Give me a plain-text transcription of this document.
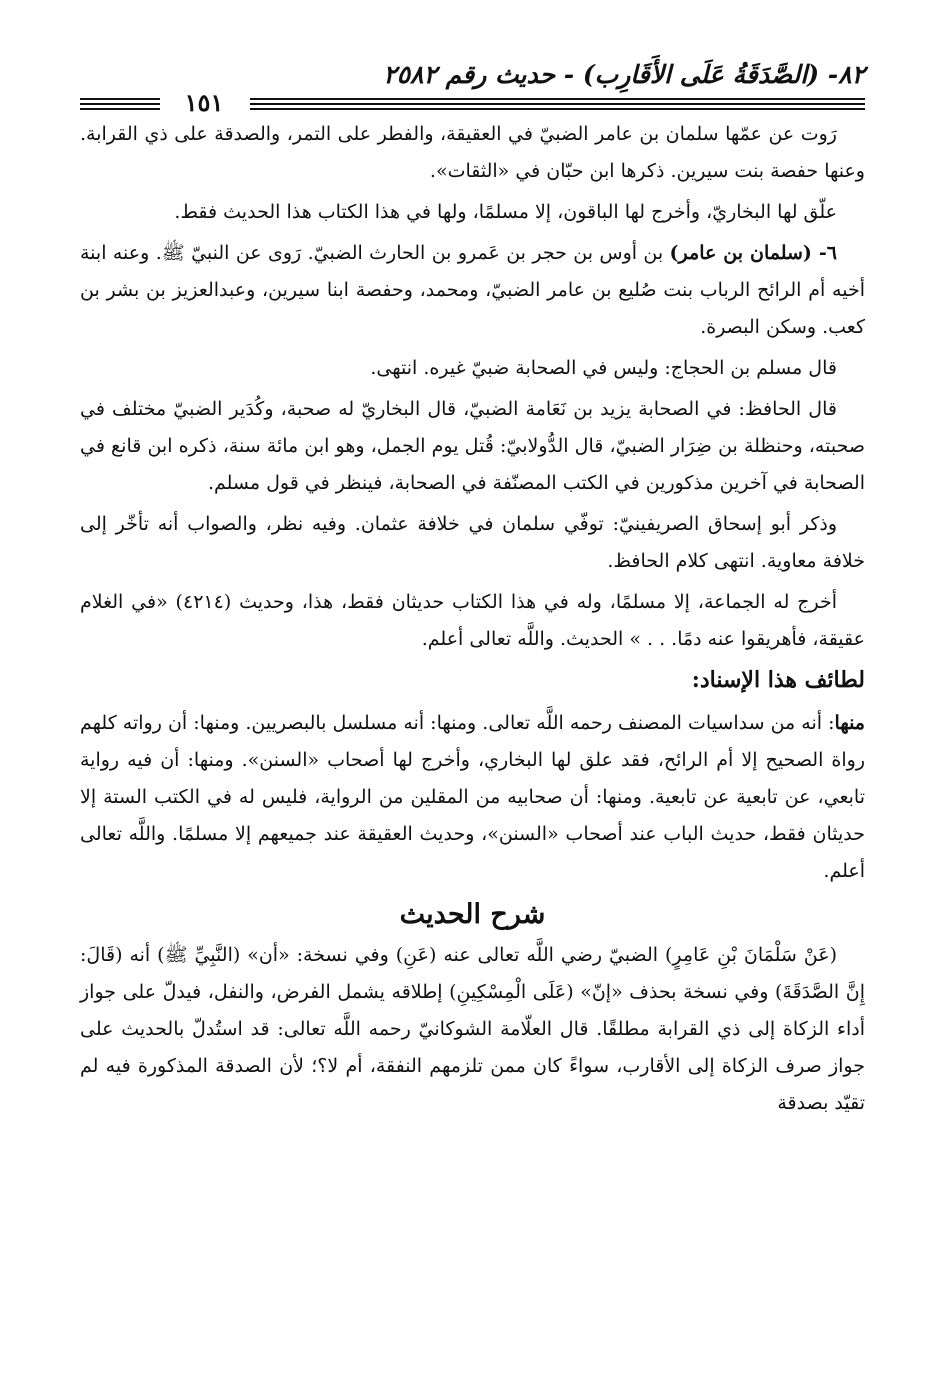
٨٢- (الصَّدَقَةُ عَلَى الأَقَارِب) - حديث رقم ٢٥٨٢
١٥١

رَوت عن عمّها سلمان بن عامر الضبيّ في العقيقة، والفطر على التمر، والصدقة على ذي القرابة. وعنها حفصة بنت سيرين. ذكرها ابن حبّان في «الثقات».

علّق لها البخاريّ، وأخرج لها الباقون، إلا مسلمًا، ولها في هذا الكتاب هذا الحديث فقط.

٦- (سلمان بن عامر) بن أوس بن حجر بن عَمرو بن الحارث الضبيّ. رَوى عن النبيّ ﷺ. وعنه ابنة أخيه أم الرائح الرباب بنت صُليع بن عامر الضبيّ، ومحمد، وحفصة ابنا سيرين، وعبدالعزيز بن بشر بن كعب. وسكن البصرة.

قال مسلم بن الحجاج: وليس في الصحابة ضبيّ غيره. انتهى.

قال الحافظ: في الصحابة يزيد بن نَعَامة الضبيّ، قال البخاريّ له صحبة، وكُدَير الضبيّ مختلف في صحبته، وحنظلة بن ضِرَار الضبيّ، قال الدُّولابيّ: قُتل يوم الجمل، وهو ابن مائة سنة، ذكره ابن قانع في الصحابة في آخرين مذكورين في الكتب المصنّفة في الصحابة، فينظر في قول مسلم.

وذكر أبو إسحاق الصريفينيّ: توفّي سلمان في خلافة عثمان. وفيه نظر، والصواب أنه تأخّر إلى خلافة معاوية. انتهى كلام الحافظ.

أخرج له الجماعة، إلا مسلمًا، وله في هذا الكتاب حديثان فقط، هذا، وحديث (٤٢١٤) «في الغلام عقيقة، فأهريقوا عنه دمًا. . . » الحديث. واللَّه تعالى أعلم.

لطائف هذا الإسناد:

منها: أنه من سداسيات المصنف رحمه اللَّه تعالى. ومنها: أنه مسلسل بالبصريين. ومنها: أن رواته كلهم رواة الصحيح إلا أم الرائح، فقد علق لها البخاري، وأخرج لها أصحاب «السنن». ومنها: أن فيه رواية تابعي، عن تابعية عن تابعية. ومنها: أن صحابيه من المقلين من الرواية، فليس له في الكتب الستة إلا حديثان فقط، حديث الباب عند أصحاب «السنن»، وحديث العقيقة عند جميعهم إلا مسلمًا. واللَّه تعالى أعلم.

شرح الحديث

(عَنْ سَلْمَانَ بْنِ عَامِرٍ) الضبيّ رضي اللَّه تعالى عنه (عَنِ) وفي نسخة: «أن» (النَّبِيِّ ﷺ) أنه (قَالَ: إِنَّ الصَّدَقَةَ) وفي نسخة بحذف «إنّ» (عَلَى الْمِسْكِينِ) إطلاقه يشمل الفرض، والنفل، فيدلّ على جواز أداء الزكاة إلى ذي القرابة مطلقًا. قال العلّامة الشوكانيّ رحمه اللَّه تعالى: قد استُدلّ بالحديث على جواز صرف الزكاة إلى الأقارب، سواءً كان ممن تلزمهم النفقة، أم لا؟؛ لأن الصدقة المذكورة فيه لم تقيّد بصدقة
